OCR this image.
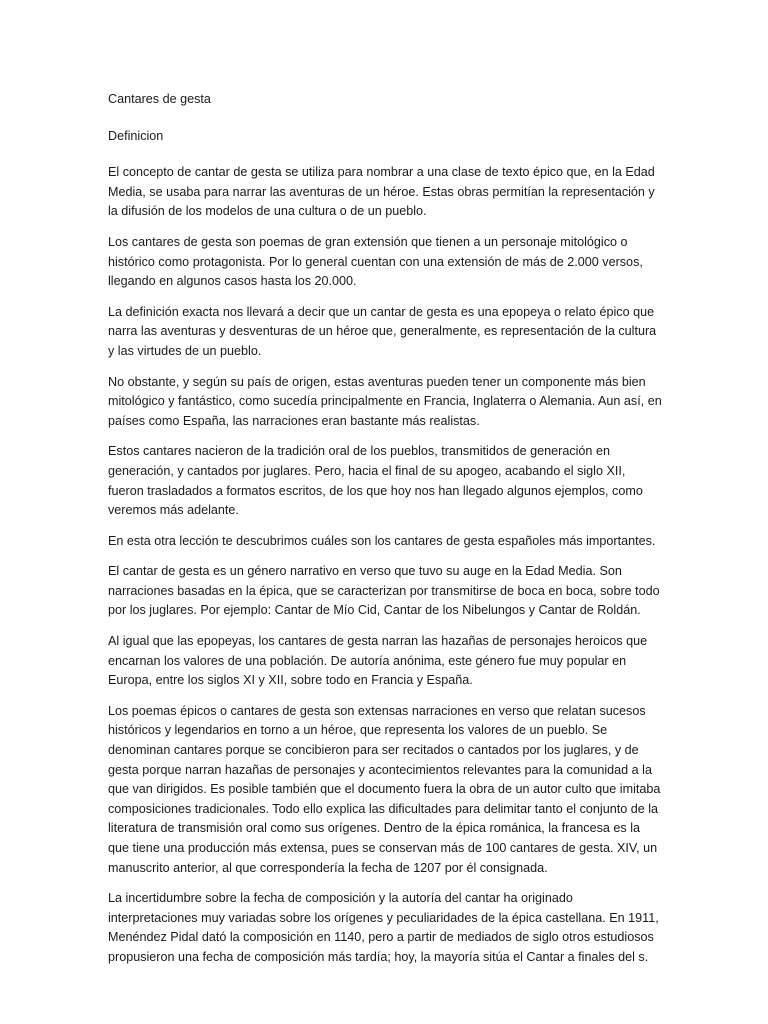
Cantares de gesta
Definicion

El concepto de cantar de gesta se utiliza para nombrar a una clase de texto épico que, en la Edad Media, se usaba para narrar las aventuras de un héroe. Estas obras permitían la representación y la difusión de los modelos de una cultura o de un pueblo.

Los cantares de gesta son poemas de gran extensión que tienen a un personaje mitológico o histórico como protagonista. Por lo general cuentan con una extensión de más de 2.000 versos, llegando en algunos casos hasta los 20.000.

La definición exacta nos llevará a decir que un cantar de gesta es una epopeya o relato épico que narra las aventuras y desventuras de un héroe que, generalmente, es representación de la cultura y las virtudes de un pueblo.

No obstante, y según su país de origen, estas aventuras pueden tener un componente más bien mitológico y fantástico, como sucedía principalmente en Francia, Inglaterra o Alemania. Aun así, en países como España, las narraciones eran bastante más realistas.

Estos cantares nacieron de la tradición oral de los pueblos, transmitidos de generación en generación, y cantados por juglares. Pero, hacia el final de su apogeo, acabando el siglo XII, fueron trasladados a formatos escritos, de los que hoy nos han llegado algunos ejemplos, como veremos más adelante.

En esta otra lección te descubrimos cuáles son los cantares de gesta españoles más importantes.

El cantar de gesta es un género narrativo en verso que tuvo su auge en la Edad Media. Son narraciones basadas en la épica, que se caracterizan por transmitirse de boca en boca, sobre todo por los juglares. Por ejemplo: Cantar de Mío Cid, Cantar de los Nibelungos y Cantar de Roldán.

Al igual que las epopeyas, los cantares de gesta narran las hazañas de personajes heroicos que encarnan los valores de una población. De autoría anónima, este género fue muy popular en Europa, entre los siglos XI y XII, sobre todo en Francia y España.

Los poemas épicos o cantares de gesta son extensas narraciones en verso que relatan sucesos históricos y legendarios en torno a un héroe, que representa los valores de un pueblo. Se denominan cantares porque se concibieron para ser recitados o cantados por los juglares, y de gesta porque narran hazañas de personajes y acontecimientos relevantes para la comunidad a la que van dirigidos. Es posible también que el documento fuera la obra de un autor culto que imitaba composiciones tradicionales. Todo ello explica las dificultades para delimitar tanto el conjunto de la literatura de transmisión oral como sus orígenes. Dentro de la épica románica, la francesa es la que tiene una producción más extensa, pues se conservan más de 100 cantares de gesta. XIV, un manuscrito anterior, al que correspondería la fecha de 1207 por él consignada.

La incertidumbre sobre la fecha de composición y la autoría del cantar ha originado interpretaciones muy variadas sobre los orígenes y peculiaridades de la épica castellana. En 1911, Menéndez Pidal dató la composición en 1140, pero a partir de mediados de siglo otros estudiosos propusieron una fecha de composición más tardía; hoy, la mayoría sitúa el Cantar a finales del s.
